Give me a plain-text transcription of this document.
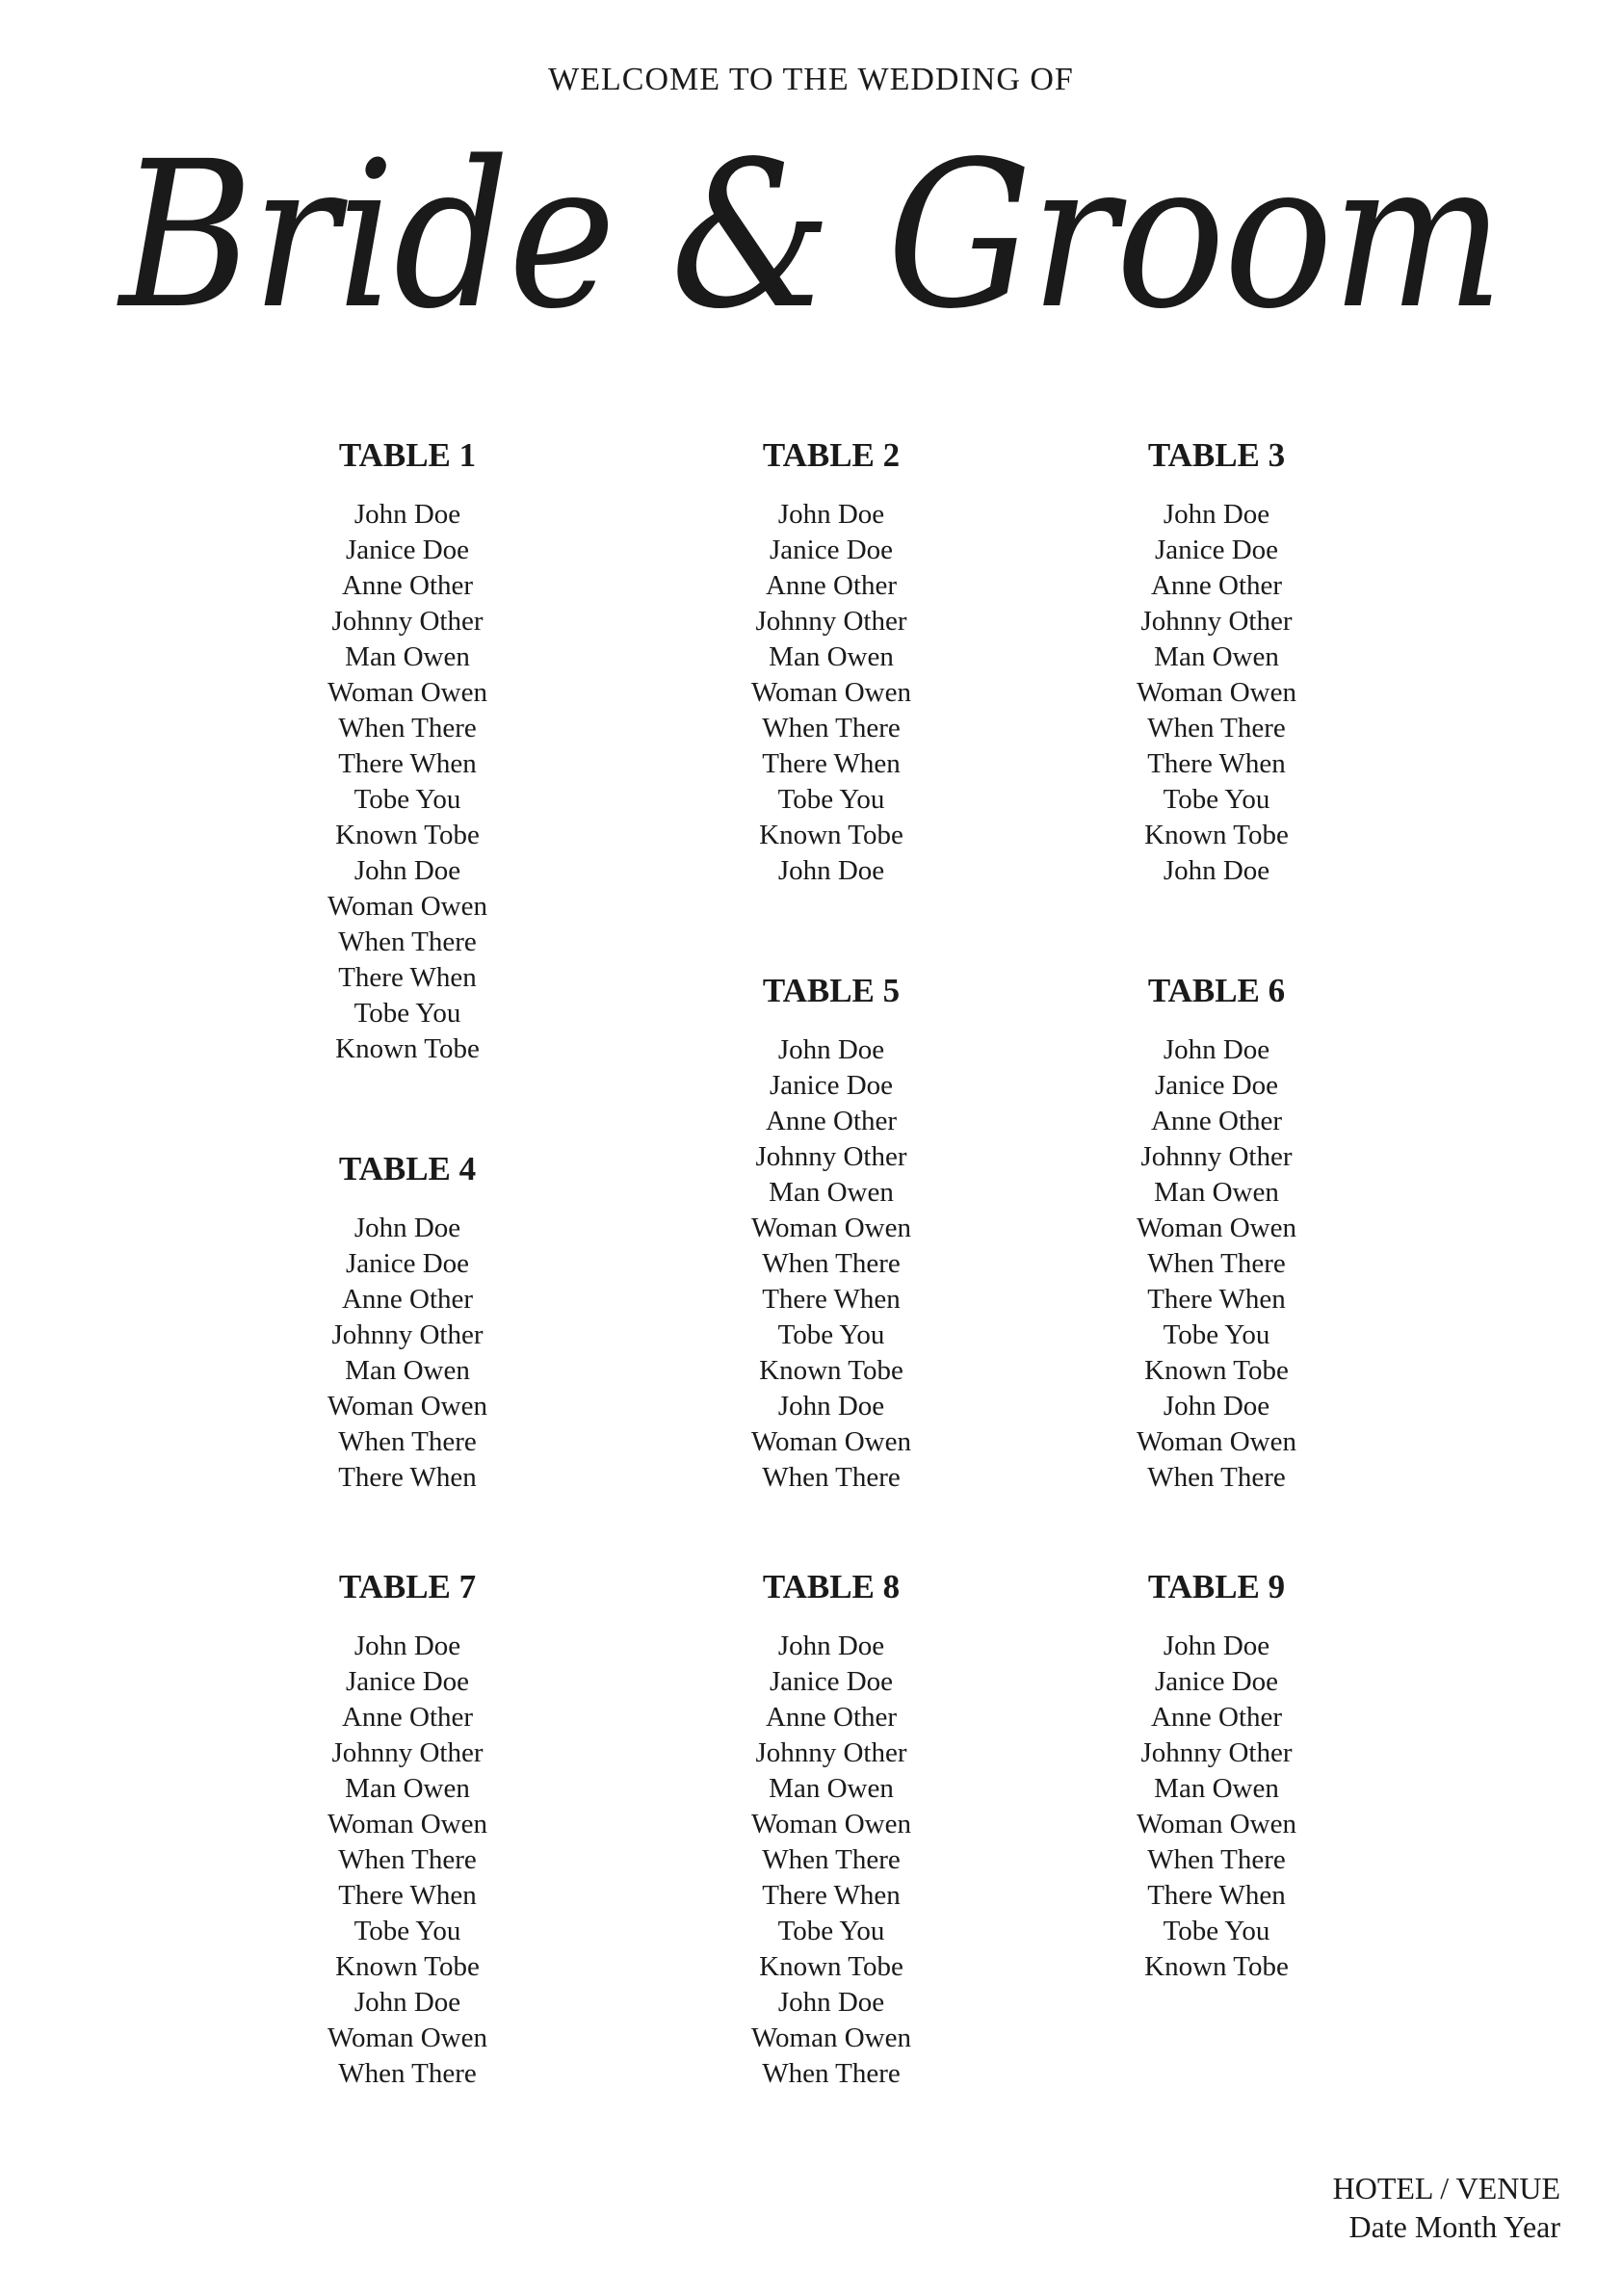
WELCOME TO THE WEDDING OF
Bride & Groom
TABLE 1
John Doe
Janice Doe
Anne Other
Johnny Other
Man Owen
Woman Owen
When There
There When
Tobe You
Known Tobe
John Doe
Woman Owen
When There
There When
Tobe You
Known Tobe
TABLE 2
John Doe
Janice Doe
Anne Other
Johnny Other
Man Owen
Woman Owen
When There
There When
Tobe You
Known Tobe
John Doe
TABLE 3
John Doe
Janice Doe
Anne Other
Johnny Other
Man Owen
Woman Owen
When There
There When
Tobe You
Known Tobe
John Doe
TABLE 4
John Doe
Janice Doe
Anne Other
Johnny Other
Man Owen
Woman Owen
When There
There When
TABLE 5
John Doe
Janice Doe
Anne Other
Johnny Other
Man Owen
Woman Owen
When There
There When
Tobe You
Known Tobe
John Doe
Woman Owen
When There
TABLE 6
John Doe
Janice Doe
Anne Other
Johnny Other
Man Owen
Woman Owen
When There
There When
Tobe You
Known Tobe
John Doe
Woman Owen
When There
TABLE 7
John Doe
Janice Doe
Anne Other
Johnny Other
Man Owen
Woman Owen
When There
There When
Tobe You
Known Tobe
John Doe
Woman Owen
When There
TABLE 8
John Doe
Janice Doe
Anne Other
Johnny Other
Man Owen
Woman Owen
When There
There When
Tobe You
Known Tobe
John Doe
Woman Owen
When There
TABLE 9
John Doe
Janice Doe
Anne Other
Johnny Other
Man Owen
Woman Owen
When There
There When
Tobe You
Known Tobe
HOTEL / VENUE
Date Month Year
